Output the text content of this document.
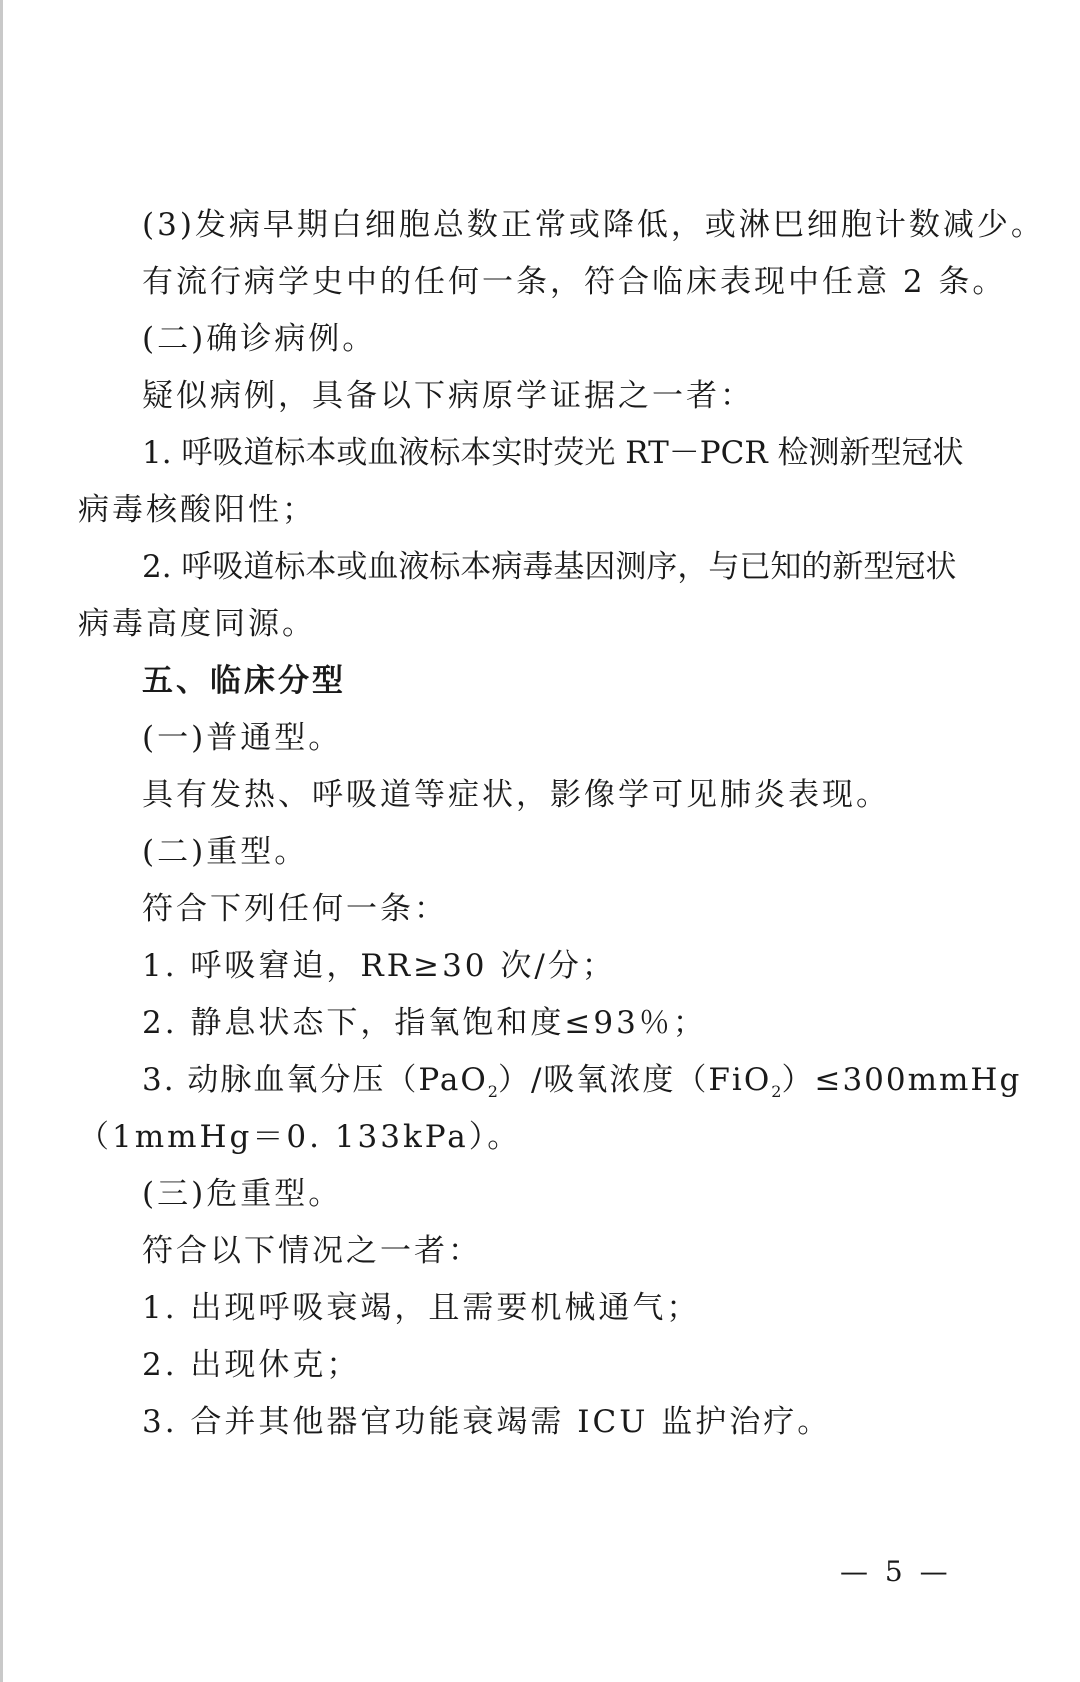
(3)发病早期白细胞总数正常或降低，或淋巴细胞计数减少。
有流行病学史中的任何一条，符合临床表现中任意 2 条。
(二)确诊病例。
疑似病例，具备以下病原学证据之一者：
1. 呼吸道标本或血液标本实时荧光 RT－PCR 检测新型冠状
病毒核酸阳性；
2. 呼吸道标本或血液标本病毒基因测序，与已知的新型冠状
病毒高度同源。
五、临床分型
(一)普通型。
具有发热、呼吸道等症状，影像学可见肺炎表现。
(二)重型。
符合下列任何一条：
1. 呼吸窘迫，RR≥30 次/分；
2. 静息状态下，指氧饱和度≤93％；
3. 动脉血氧分压（PaO$_2$）/吸氧浓度（FiO$_2$）≤300mmHg
（1mmHg＝0. 133kPa）。
(三)危重型。
符合以下情况之一者：
1. 出现呼吸衰竭，且需要机械通气；
2. 出现休克；
3. 合并其他器官功能衰竭需 ICU 监护治疗。
— 5 —
